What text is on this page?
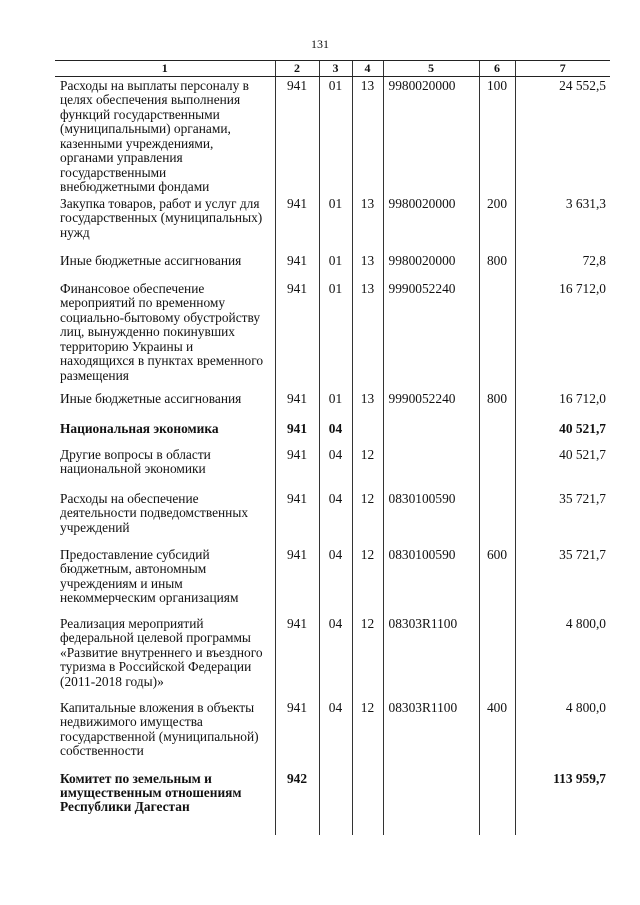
131
1	2	3	4	5	6	7
Расходы на выплаты персоналу в целях обеспечения выполнения функций государственными (муниципальными) органами, казенными учреждениями, органами управления государственными внебюджетными фондами	941	01	13	9980020000	100	24 552,5
Закупка товаров, работ и услуг для государственных (муниципальных) нужд	941	01	13	9980020000	200	3 631,3
Иные бюджетные ассигнования	941	01	13	9980020000	800	72,8
Финансовое обеспечение мероприятий по временному социально-бытовому обустройству лиц, вынужденно покинувших территорию Украины и находящихся в пунктах временного размещения	941	01	13	9990052240		16 712,0
Иные бюджетные ассигнования	941	01	13	9990052240	800	16 712,0
Национальная экономика	941	04				40 521,7
Другие вопросы в области национальной экономики	941	04	12			40 521,7
Расходы на обеспечение деятельности подведомственных учреждений	941	04	12	0830100590		35 721,7
Предоставление субсидий бюджетным, автономным учреждениям и иным некоммерческим организациям	941	04	12	0830100590	600	35 721,7
Реализация мероприятий федеральной целевой программы «Развитие внутреннего и въездного туризма в Российской Федерации (2011-2018 годы)»	941	04	12	08303R1100		4 800,0
Капитальные вложения в объекты недвижимого имущества государственной (муниципальной) собственности	941	04	12	08303R1100	400	4 800,0
Комитет по земельным и имущественным отношениям Республики Дагестан	942					113 959,7
